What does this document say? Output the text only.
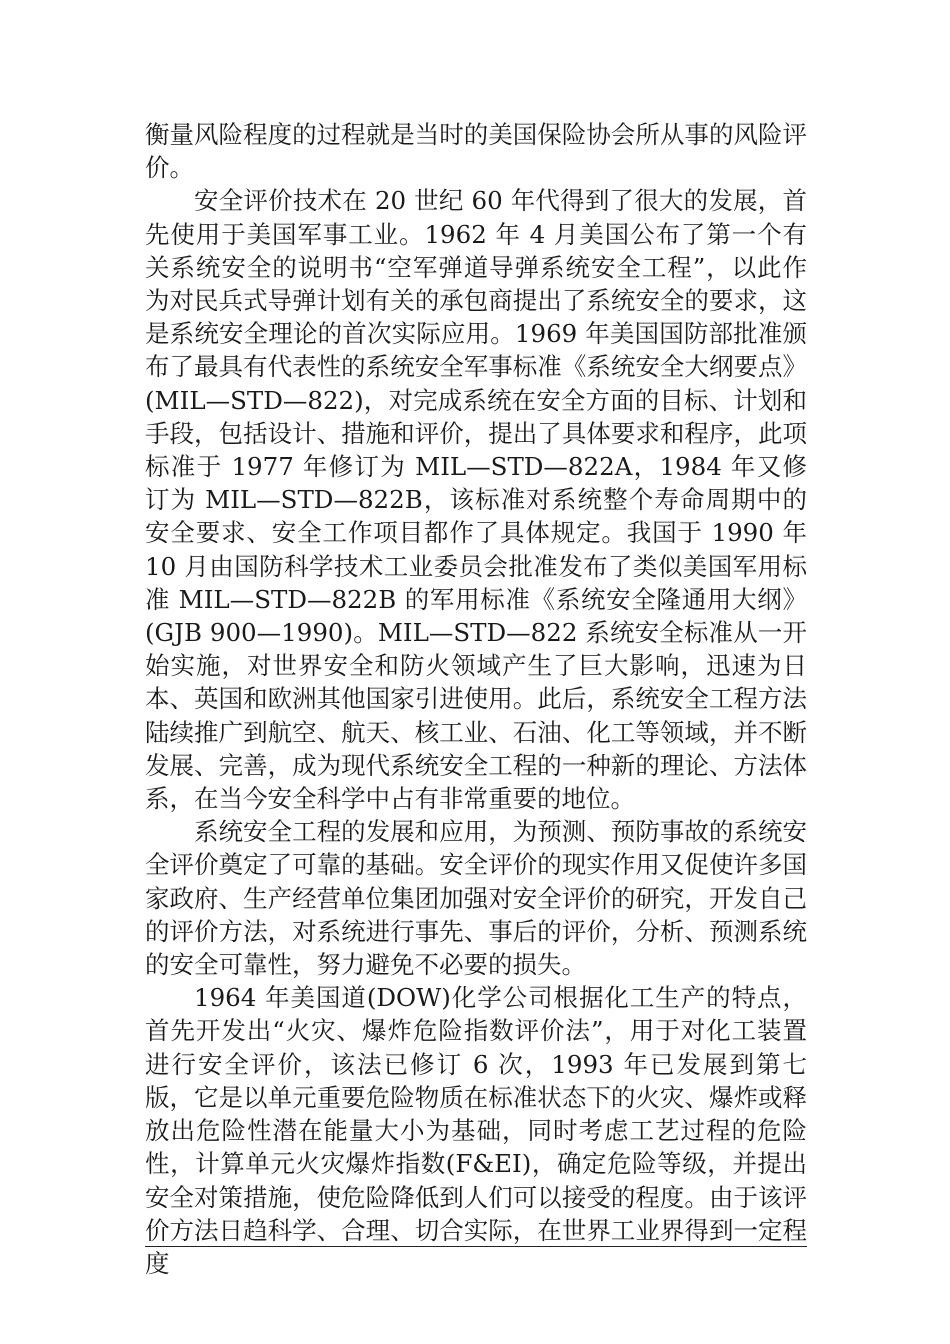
衡量风险程度的过程就是当时的美国保险协会所从事的风险评价。

安全评价技术在 20 世纪 60 年代得到了很大的发展，首先使用于美国军事工业。1962 年 4 月美国公布了第一个有关系统安全的说明书“空军弹道导弹系统安全工程”，以此作为对民兵式导弹计划有关的承包商提出了系统安全的要求，这是系统安全理论的首次实际应用。1969 年美国国防部批准颁布了最具有代表性的系统安全军事标准《系统安全大纲要点》(MIL—STD—822)，对完成系统在安全方面的目标、计划和手段，包括设计、措施和评价，提出了具体要求和程序，此项标准于 1977 年修订为 MIL—STD—822A，1984 年又修订为 MIL—STD—822B，该标准对系统整个寿命周期中的安全要求、安全工作项目都作了具体规定。我国于 1990 年 10 月由国防科学技术工业委员会批准发布了类似美国军用标准 MIL—STD—822B 的军用标准《系统安全隆通用大纲》(GJB 900—1990)。MIL—STD—822 系统安全标准从一开始实施，对世界安全和防火领域产生了巨大影响，迅速为日本、英国和欧洲其他国家引进使用。此后，系统安全工程方法陆续推广到航空、航天、核工业、石油、化工等领域，并不断发展、完善，成为现代系统安全工程的一种新的理论、方法体系，在当今安全科学中占有非常重要的地位。

系统安全工程的发展和应用，为预测、预防事故的系统安全评价奠定了可靠的基础。安全评价的现实作用又促使许多国家政府、生产经营单位集团加强对安全评价的研究，开发自己的评价方法，对系统进行事先、事后的评价，分析、预测系统的安全可靠性，努力避免不必要的损失。

1964 年美国道(DOW)化学公司根据化工生产的特点，首先开发出“火灾、爆炸危险指数评价法”，用于对化工装置进行安全评价，该法已修订 6 次，1993 年已发展到第七版，它是以单元重要危险物质在标准状态下的火灾、爆炸或释放出危险性潜在能量大小为基础，同时考虑工艺过程的危险性，计算单元火灾爆炸指数(F&EI)，确定危险等级，并提出安全对策措施，使危险降低到人们可以接受的程度。由于该评价方法日趋科学、合理、切合实际，在世界工业界得到一定程度
